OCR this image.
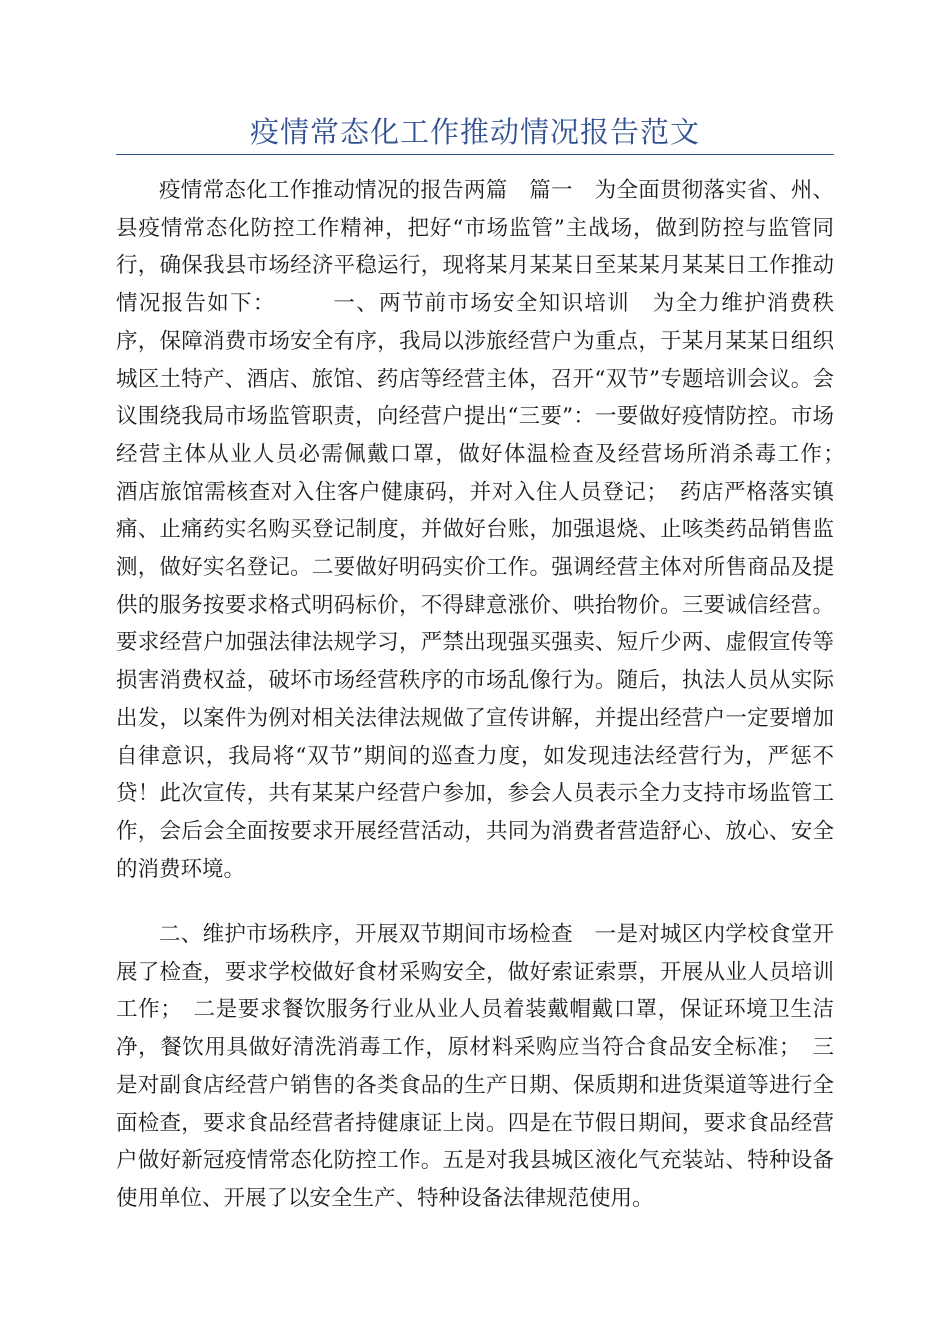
疫情常态化工作推动情况报告范文

疫情常态化工作推动情况的报告两篇　篇一　为全面贯彻落实省、州、县疫情常态化防控工作精神，把好“市场监管”主战场，做到防控与监管同行，确保我县市场经济平稳运行，现将某月某某日至某某月某某日工作推动情况报告如下：　　　一、两节前市场安全知识培训　为全力维护消费秩序，保障消费市场安全有序，我局以涉旅经营户为重点，于某月某某日组织城区土特产、酒店、旅馆、药店等经营主体，召开“双节”专题培训会议。会议围绕我局市场监管职责，向经营户提出“三要”：一要做好疫情防控。市场经营主体从业人员必需佩戴口罩，做好体温检查及经营场所消杀毒工作；　酒店旅馆需核查对入住客户健康码，并对入住人员登记；　药店严格落实镇痛、止痛药实名购买登记制度，并做好台账，加强退烧、止咳类药品销售监测，做好实名登记。二要做好明码实价工作。强调经营主体对所售商品及提供的服务按要求格式明码标价，不得肆意涨价、哄抬物价。三要诚信经营。要求经营户加强法律法规学习，严禁出现强买强卖、短斤少两、虚假宣传等损害消费权益，破坏市场经营秩序的市场乱像行为。随后，执法人员从实际出发，以案件为例对相关法律法规做了宣传讲解，并提出经营户一定要增加自律意识，我局将“双节”期间的巡查力度，如发现违法经营行为，严惩不贷！此次宣传，共有某某户经营户参加，参会人员表示全力支持市场监管工作，会后会全面按要求开展经营活动，共同为消费者营造舒心、放心、安全的消费环境。

二、维护市场秩序，开展双节期间市场检查　一是对城区内学校食堂开展了检查，要求学校做好食材采购安全，做好索证索票，开展从业人员培训工作；　二是要求餐饮服务行业从业人员着装戴帽戴口罩，保证环境卫生洁净，餐饮用具做好清洗消毒工作，原材料采购应当符合食品安全标准；　三是对副食店经营户销售的各类食品的生产日期、保质期和进货渠道等进行全面检查，要求食品经营者持健康证上岗。四是在节假日期间，要求食品经营户做好新冠疫情常态化防控工作。五是对我县城区液化气充装站、特种设备使用单位、开展了以安全生产、特种设备法律规范使用。
